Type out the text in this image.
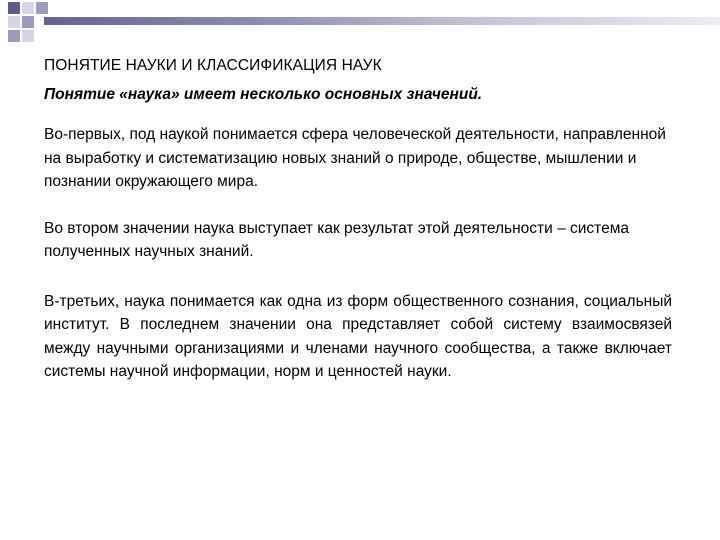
ПОНЯТИЕ НАУКИ И КЛАССИФИКАЦИЯ НАУК

Понятие «наука» имеет несколько основных значений.

Во-первых, под наукой понимается сфера человеческой деятельности, направленной на выработку и систематизацию новых знаний о природе, обществе, мышлении и познании окружающего мира.

Во втором значении наука выступает как результат этой деятельности – система полученных научных знаний.

В-третьих, наука понимается как одна из форм общественного сознания, социальный институт. В последнем значении она представляет собой систему взаимосвязей между научными организациями и членами научного сообщества, а также включает системы научной информации, норм и ценностей науки.
